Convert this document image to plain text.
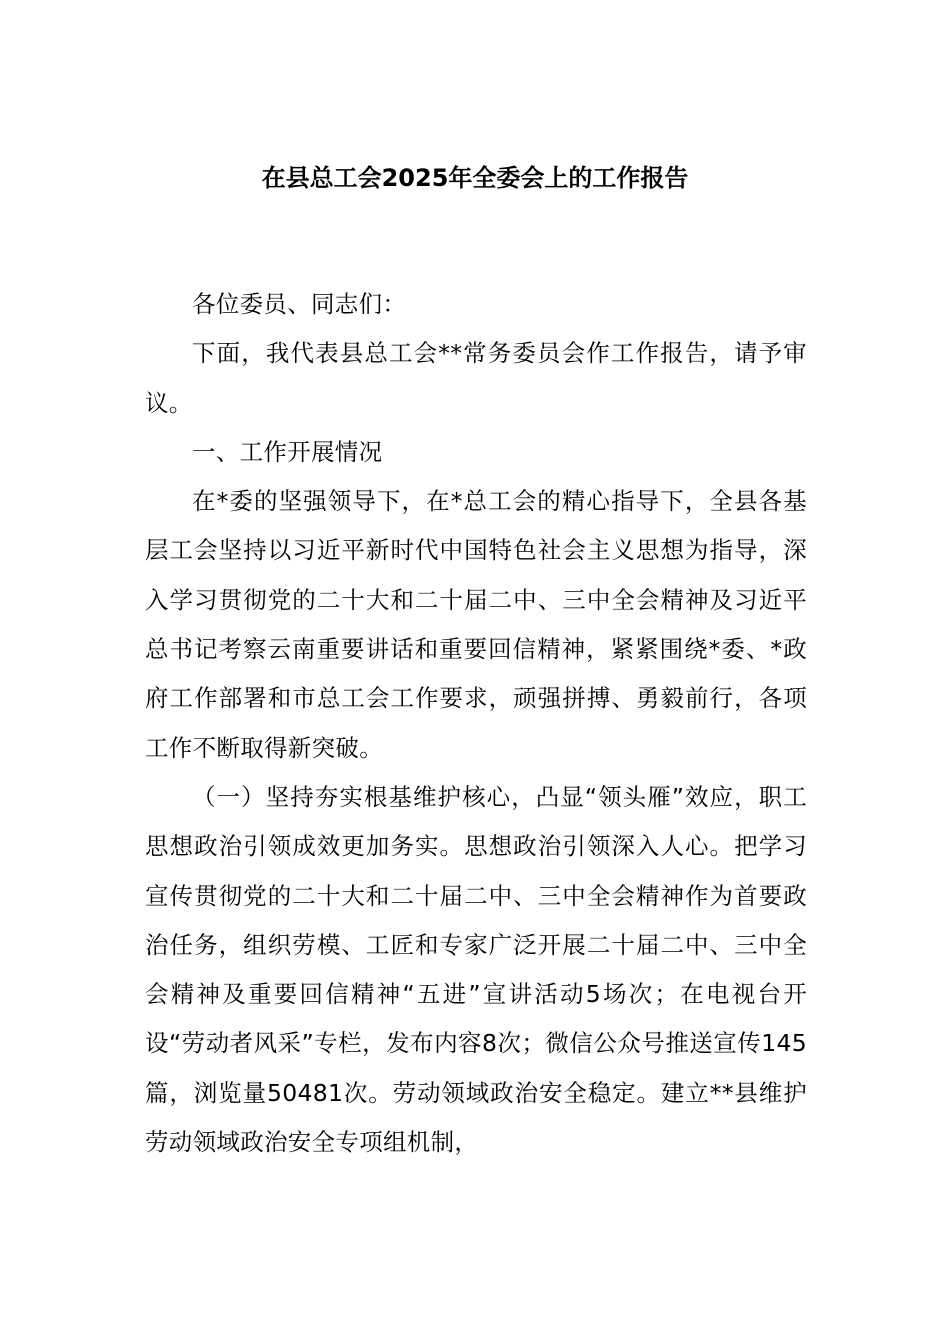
在县总工会2025年全委会上的工作报告

各位委员、同志们：

下面，我代表县总工会**常务委员会作工作报告，请予审议。

一、工作开展情况

在*委的坚强领导下，在*总工会的精心指导下，全县各基层工会坚持以习近平新时代中国特色社会主义思想为指导，深入学习贯彻党的二十大和二十届二中、三中全会精神及习近平总书记考察云南重要讲话和重要回信精神，紧紧围绕*委、*政府工作部署和市总工会工作要求，顽强拼搏、勇毅前行，各项工作不断取得新突破。

（一）坚持夯实根基维护核心，凸显“领头雁”效应，职工思想政治引领成效更加务实。思想政治引领深入人心。把学习宣传贯彻党的二十大和二十届二中、三中全会精神作为首要政治任务，组织劳模、工匠和专家广泛开展二十届二中、三中全会精神及重要回信精神“五进”宣讲活动5场次；在电视台开设“劳动者风采”专栏，发布内容8次；微信公众号推送宣传145篇，浏览量50481次。劳动领域政治安全稳定。建立**县维护劳动领域政治安全专项组机制，
